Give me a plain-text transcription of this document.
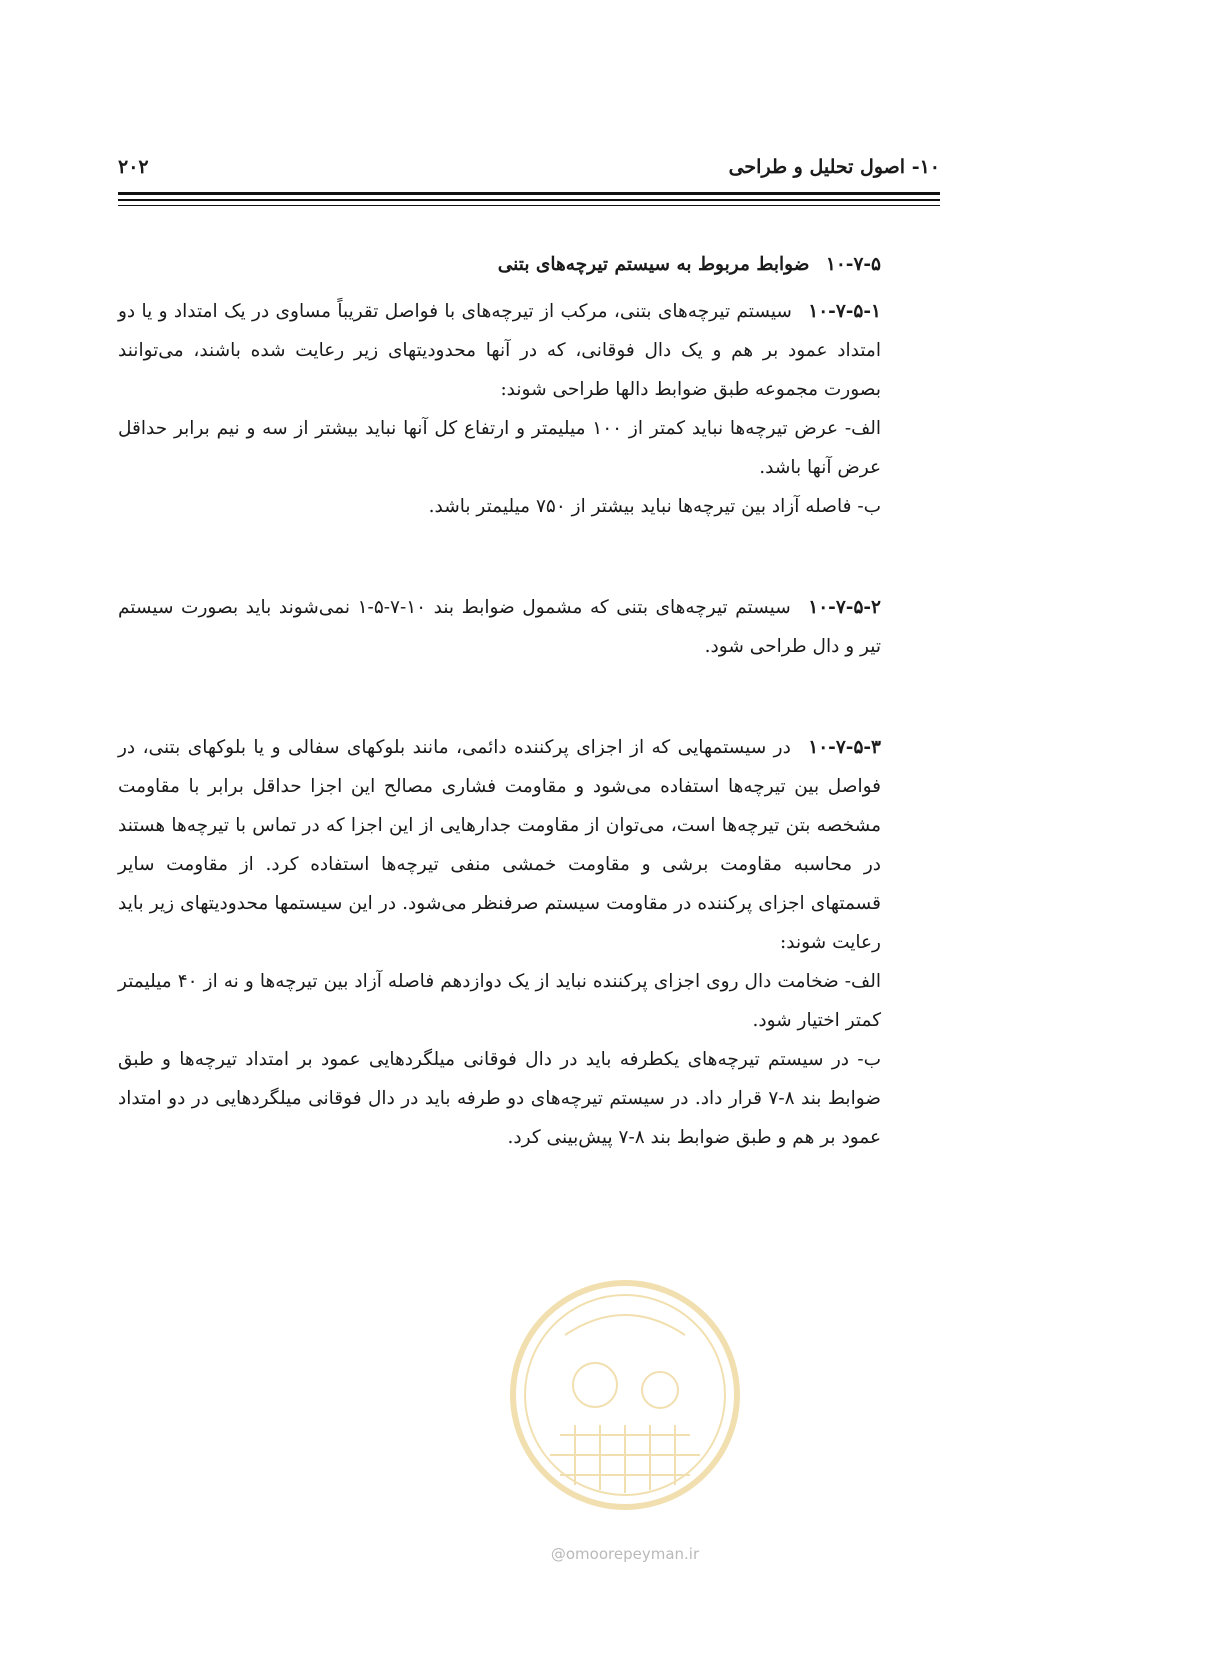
۱۰- اصول تحلیل و طراحی
۲۰۲

۱۰-۷-۵ ضوابط مربوط به سیستم تیرچه‌های بتنی

۱۰-۷-۵-۱ سیستم تیرچه‌های بتنی، مرکب از تیرچه‌های با فواصل تقریباً مساوی در یک امتداد و یا دو امتداد عمود بر هم و یک دال فوقانی، که در آنها محدودیتهای زیر رعایت شده باشند، می‌توانند بصورت مجموعه طبق ضوابط دالها طراحی شوند:

الف- عرض تیرچه‌ها نباید کمتر از ۱۰۰ میلیمتر و ارتفاع کل آنها نباید بیشتر از سه و نیم برابر حداقل عرض آنها باشد.

ب- فاصله آزاد بین تیرچه‌ها نباید بیشتر از ۷۵۰ میلیمتر باشد.

۱۰-۷-۵-۲ سیستم تیرچه‌های بتنی که مشمول ضوابط بند ۱۰-۷-۵-۱ نمی‌شوند باید بصورت سیستم تیر و دال طراحی شود.

۱۰-۷-۵-۳ در سیستمهایی که از اجزای پرکننده دائمی، مانند بلوکهای سفالی و یا بلوکهای بتنی، در فواصل بین تیرچه‌ها استفاده می‌شود و مقاومت فشاری مصالح این اجزا حداقل برابر با مقاومت مشخصه بتن تیرچه‌ها است، می‌توان از مقاومت جدارهایی از این اجزا که در تماس با تیرچه‌ها هستند در محاسبه مقاومت برشی و مقاومت خمشی منفی تیرچه‌ها استفاده کرد. از مقاومت سایر قسمتهای اجزای پرکننده در مقاومت سیستم صرفنظر می‌شود. در این سیستمها محدودیتهای زیر باید رعایت شوند:

الف- ضخامت دال روی اجزای پرکننده نباید از یک دوازدهم فاصله آزاد بین تیرچه‌ها و نه از ۴۰ میلیمتر کمتر اختیار شود.

ب- در سیستم تیرچه‌های یکطرفه باید در دال فوقانی میلگردهایی عمود بر امتداد تیرچه‌ها و طبق ضوابط بند ۸-۷ قرار داد. در سیستم تیرچه‌های دو طرفه باید در دال فوقانی میلگردهایی در دو امتداد عمود بر هم و طبق ضوابط بند ۸-۷ پیش‌بینی کرد.

@omoorepeyman.ir
